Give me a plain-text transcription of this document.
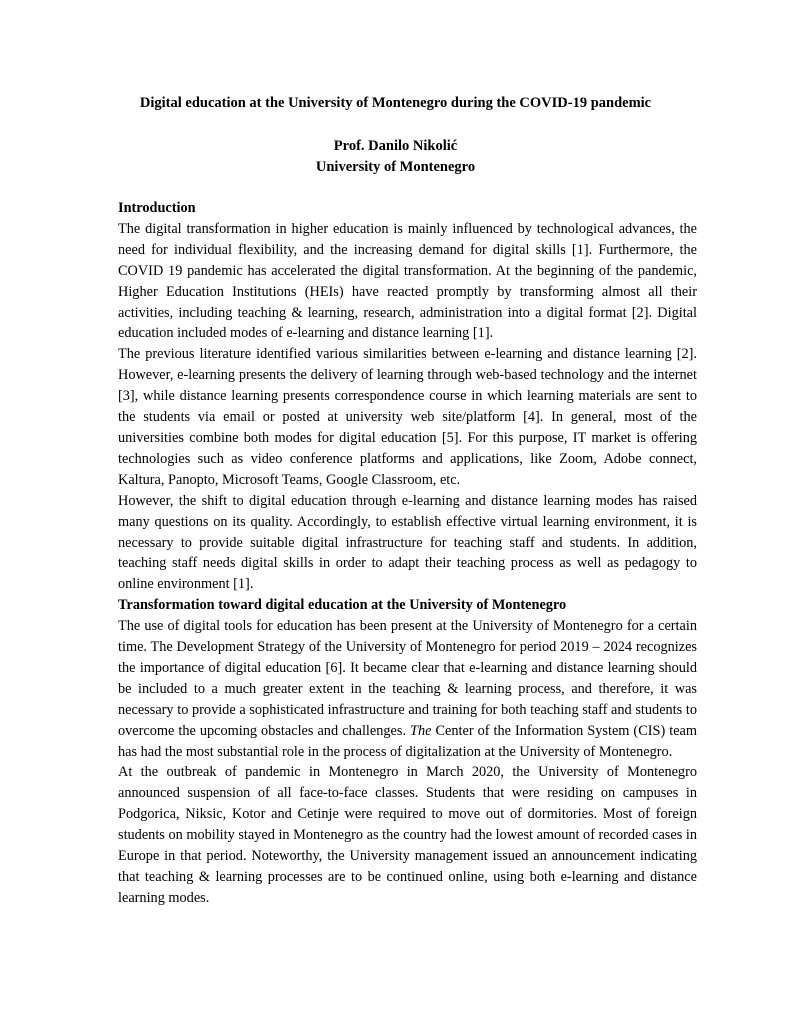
Digital education at the University of Montenegro during the COVID-19 pandemic
Prof. Danilo Nikolić
University of Montenegro

Introduction

The digital transformation in higher education is mainly influenced by technological advances, the need for individual flexibility, and the increasing demand for digital skills [1]. Furthermore, the COVID 19 pandemic has accelerated the digital transformation. At the beginning of the pandemic, Higher Education Institutions (HEIs) have reacted promptly by transforming almost all their activities, including teaching & learning, research, administration into a digital format [2]. Digital education included modes of e-learning and distance learning [1].

The previous literature identified various similarities between e-learning and distance learning [2]. However, e-learning presents the delivery of learning through web-based technology and the internet [3], while distance learning presents correspondence course in which learning materials are sent to the students via email or posted at university web site/platform [4]. In general, most of the universities combine both modes for digital education [5]. For this purpose, IT market is offering technologies such as video conference platforms and applications, like Zoom, Adobe connect, Kaltura, Panopto, Microsoft Teams, Google Classroom, etc.

However, the shift to digital education through e-learning and distance learning modes has raised many questions on its quality. Accordingly, to establish effective virtual learning environment, it is necessary to provide suitable digital infrastructure for teaching staff and students. In addition, teaching staff needs digital skills in order to adapt their teaching process as well as pedagogy to online environment [1].

Transformation toward digital education at the University of Montenegro

The use of digital tools for education has been present at the University of Montenegro for a certain time. The Development Strategy of the University of Montenegro for period 2019 – 2024 recognizes the importance of digital education [6]. It became clear that e-learning and distance learning should be included to a much greater extent in the teaching & learning process, and therefore, it was necessary to provide a sophisticated infrastructure and training for both teaching staff and students to overcome the upcoming obstacles and challenges. The Center of the Information System (CIS) team has had the most substantial role in the process of digitalization at the University of Montenegro.

At the outbreak of pandemic in Montenegro in March 2020, the University of Montenegro announced suspension of all face-to-face classes. Students that were residing on campuses in Podgorica, Niksic, Kotor and Cetinje were required to move out of dormitories. Most of foreign students on mobility stayed in Montenegro as the country had the lowest amount of recorded cases in Europe in that period. Noteworthy, the University management issued an announcement indicating that teaching & learning processes are to be continued online, using both e-learning and distance learning modes.
